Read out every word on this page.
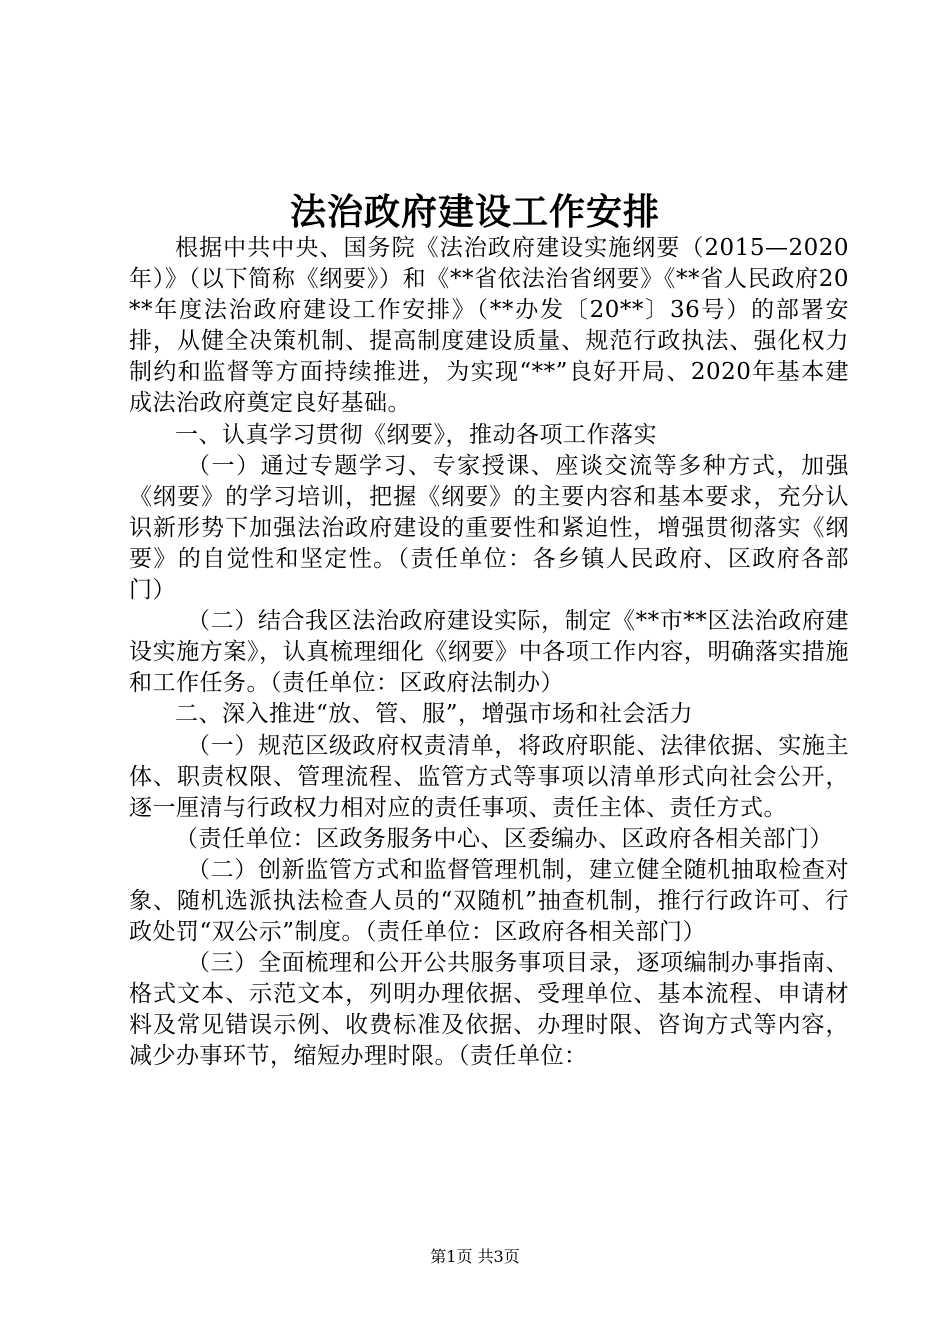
法治政府建设工作安排

根据中共中央、国务院《法治政府建设实施纲要（2015—2020年）》（以下简称《纲要》）和《**省依法治省纲要》《**省人民政府20**年度法治政府建设工作安排》（**办发〔20**〕36号）的部署安排，从健全决策机制、提高制度建设质量、规范行政执法、强化权力制约和监督等方面持续推进，为实现“**”良好开局、2020年基本建成法治政府奠定良好基础。

一、认真学习贯彻《纲要》，推动各项工作落实

（一）通过专题学习、专家授课、座谈交流等多种方式，加强《纲要》的学习培训，把握《纲要》的主要内容和基本要求，充分认识新形势下加强法治政府建设的重要性和紧迫性，增强贯彻落实《纲要》的自觉性和坚定性。（责任单位：各乡镇人民政府、区政府各部门）

（二）结合我区法治政府建设实际，制定《**市**区法治政府建设实施方案》，认真梳理细化《纲要》中各项工作内容，明确落实措施和工作任务。（责任单位：区政府法制办）

二、深入推进“放、管、服”，增强市场和社会活力

（一）规范区级政府权责清单，将政府职能、法律依据、实施主体、职责权限、管理流程、监管方式等事项以清单形式向社会公开，逐一厘清与行政权力相对应的责任事项、责任主体、责任方式。

（责任单位：区政务服务中心、区委编办、区政府各相关部门）

（二）创新监管方式和监督管理机制，建立健全随机抽取检查对象、随机选派执法检查人员的“双随机”抽查机制，推行行政许可、行政处罚“双公示”制度。（责任单位：区政府各相关部门）

（三）全面梳理和公开公共服务事项目录，逐项编制办事指南、格式文本、示范文本，列明办理依据、受理单位、基本流程、申请材料及常见错误示例、收费标准及依据、办理时限、咨询方式等内容，减少办事环节，缩短办理时限。（责任单位：

第1页 共3页
